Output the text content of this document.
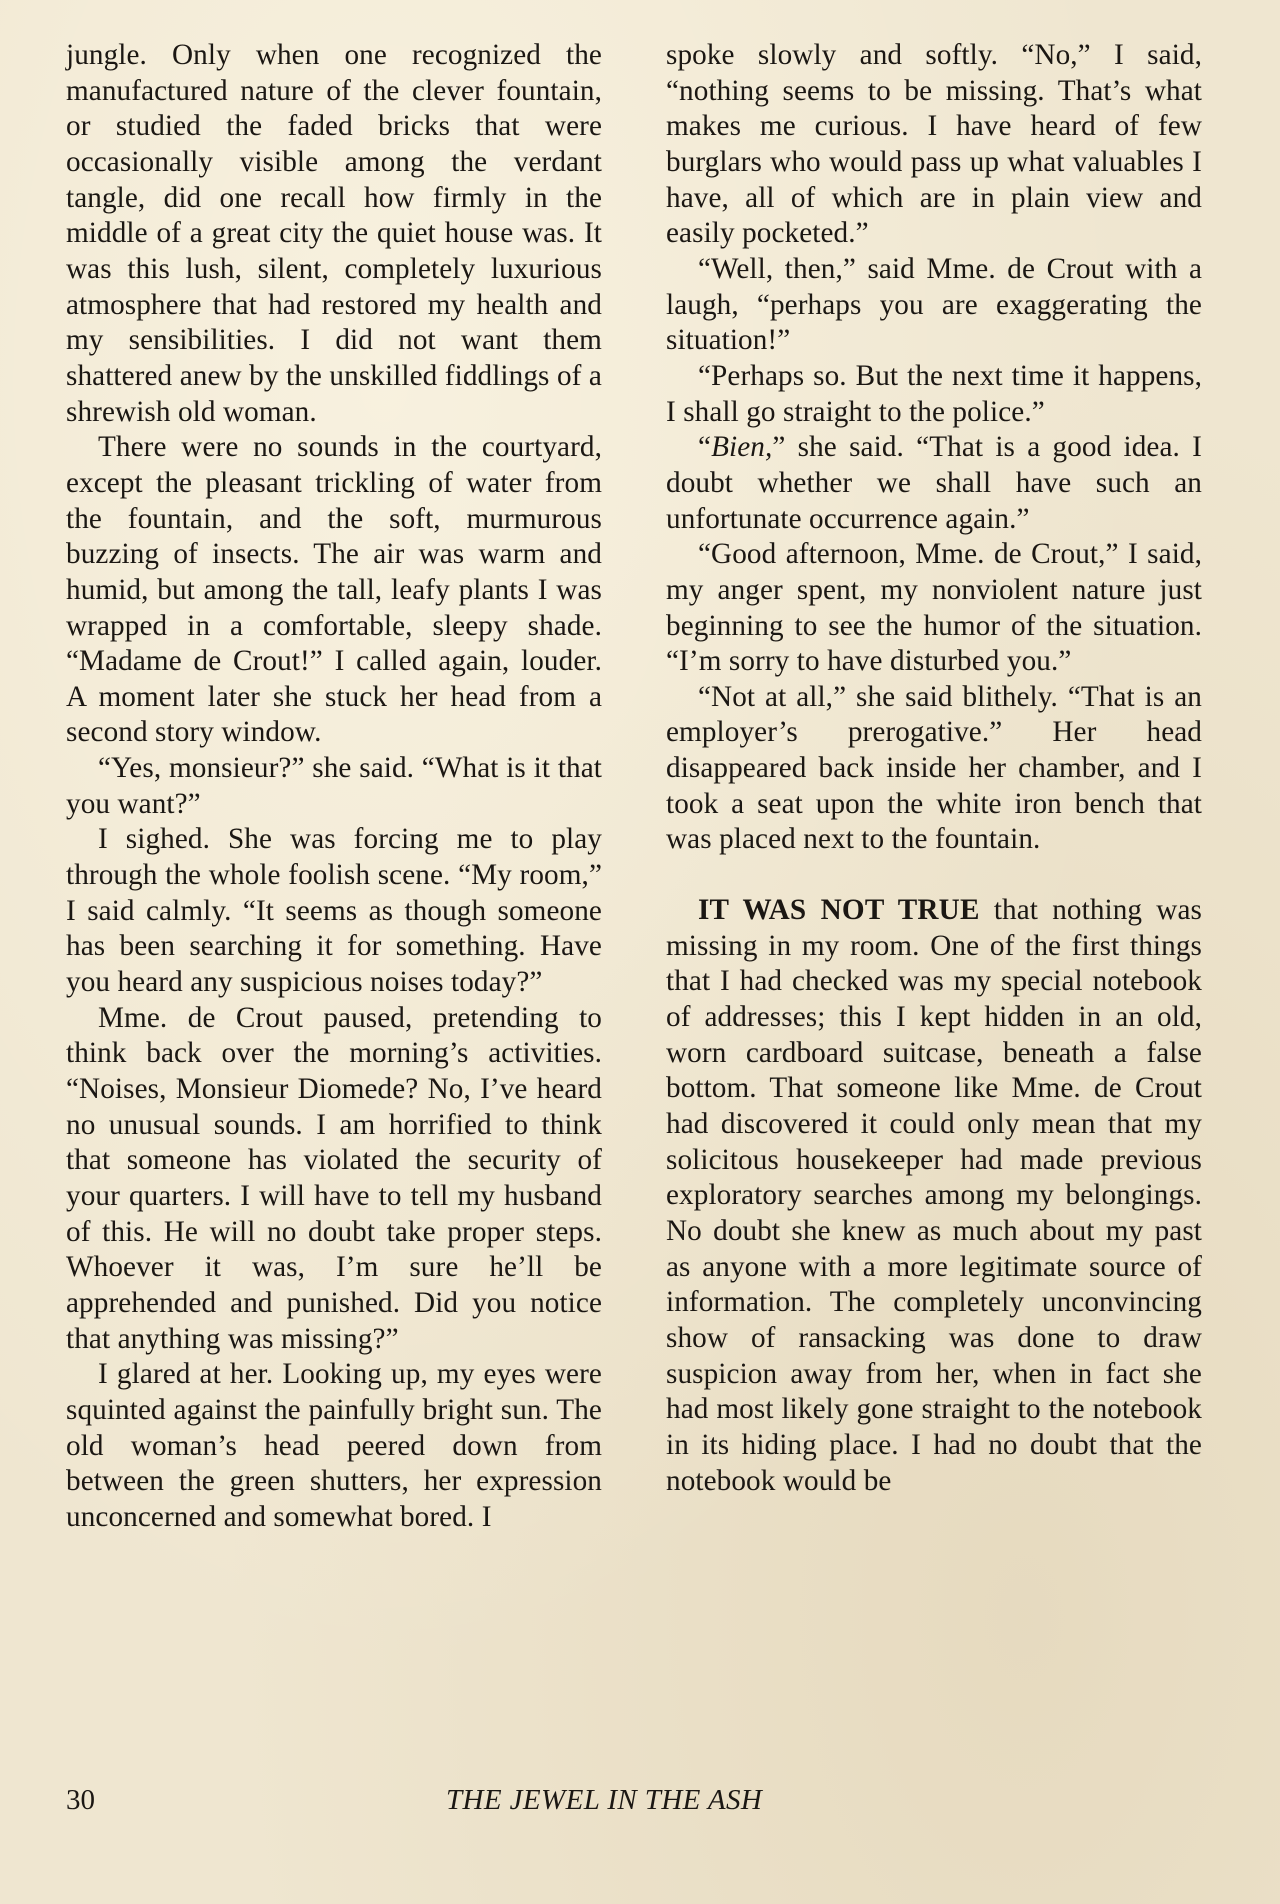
jungle. Only when one recognized the manufactured nature of the clever fountain, or studied the faded bricks that were occasionally visible among the verdant tangle, did one recall how firmly in the middle of a great city the quiet house was. It was this lush, silent, completely luxurious atmosphere that had restored my health and my sensibilities. I did not want them shattered anew by the unskilled fiddlings of a shrewish old woman.

There were no sounds in the courtyard, except the pleasant trickling of water from the fountain, and the soft, murmurous buzzing of insects. The air was warm and humid, but among the tall, leafy plants I was wrapped in a comfortable, sleepy shade. “Madame de Crout!” I called again, louder. A moment later she stuck her head from a second story window.

“Yes, monsieur?” she said. “What is it that you want?”

I sighed. She was forcing me to play through the whole foolish scene. “My room,” I said calmly. “It seems as though someone has been searching it for something. Have you heard any suspicious noises today?”

Mme. de Crout paused, pretending to think back over the morning’s activities. “Noises, Monsieur Diomede? No, I’ve heard no unusual sounds. I am horrified to think that someone has violated the security of your quarters. I will have to tell my husband of this. He will no doubt take proper steps. Whoever it was, I’m sure he’ll be apprehended and punished. Did you notice that anything was missing?”

I glared at her. Looking up, my eyes were squinted against the painfully bright sun. The old woman’s head peered down from between the green shutters, her expression unconcerned and somewhat bored. I

spoke slowly and softly. “No,” I said, “nothing seems to be missing. That’s what makes me curious. I have heard of few burglars who would pass up what valuables I have, all of which are in plain view and easily pocketed.”

“Well, then,” said Mme. de Crout with a laugh, “perhaps you are exaggerating the situation!”

“Perhaps so. But the next time it happens, I shall go straight to the police.”

“Bien,” she said. “That is a good idea. I doubt whether we shall have such an unfortunate occurrence again.”

“Good afternoon, Mme. de Crout,” I said, my anger spent, my nonviolent nature just beginning to see the humor of the situation. “I’m sorry to have disturbed you.”

“Not at all,” she said blithely. “That is an employer’s prerogative.” Her head disappeared back inside her chamber, and I took a seat upon the white iron bench that was placed next to the fountain.

IT WAS NOT TRUE that nothing was missing in my room. One of the first things that I had checked was my special notebook of addresses; this I kept hidden in an old, worn cardboard suitcase, beneath a false bottom. That someone like Mme. de Crout had discovered it could only mean that my solicitous housekeeper had made previous exploratory searches among my belongings. No doubt she knew as much about my past as anyone with a more legitimate source of information. The completely unconvincing show of ransacking was done to draw suspicion away from her, when in fact she had most likely gone straight to the notebook in its hiding place. I had no doubt that the notebook would be

30	THE JEWEL IN THE ASH
